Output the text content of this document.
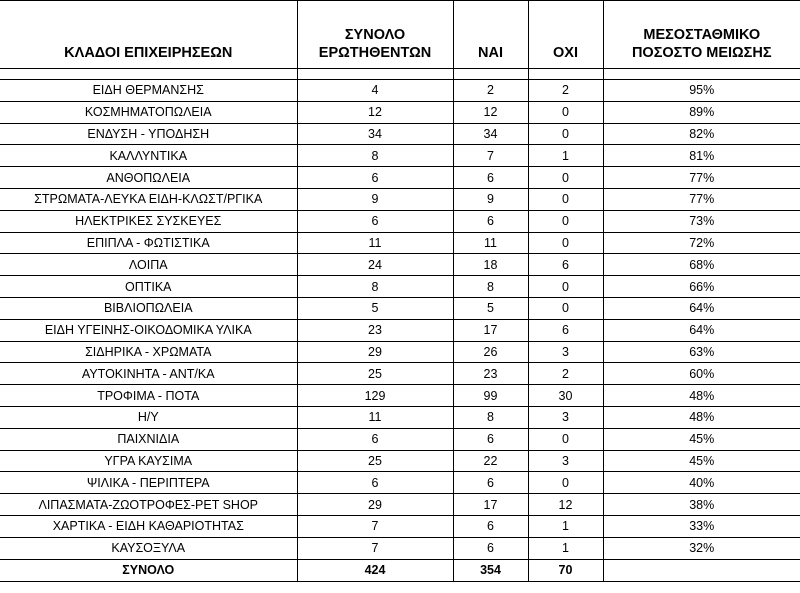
ΚΛΑΔΟΙ ΕΠΙΧΕΙΡΗΣΕΩΝ	ΣΥΝΟΛΟ
ΕΡΩΤΗΘΕΝΤΩΝ	ΝΑΙ	ΟΧΙ	ΜΕΣΟΣΤΑΘΜΙΚΟ
ΠΟΣΟΣΤΟ ΜΕΙΩΣΗΣ

ΕΙΔΗ ΘΕΡΜΑΝΣΗΣ	4	2	2	95%
ΚΟΣΜΗΜΑΤΟΠΩΛΕΙΑ	12	12	0	89%
ΕΝΔΥΣΗ - ΥΠΟΔΗΣΗ	34	34	0	82%
ΚΑΛΛΥΝΤΙΚΑ	8	7	1	81%
ΑΝΘΟΠΩΛΕΙΑ	6	6	0	77%
ΣΤΡΩΜΑΤΑ-ΛΕΥΚΑ ΕΙΔΗ-ΚΛΩΣΤ/ΡΓΙΚΑ	9	9	0	77%
ΗΛΕΚΤΡΙΚΕΣ ΣΥΣΚΕΥΕΣ	6	6	0	73%
ΕΠΙΠΛΑ - ΦΩΤΙΣΤΙΚΑ	11	11	0	72%
ΛΟΙΠΑ	24	18	6	68%
ΟΠΤΙΚΑ	8	8	0	66%
ΒΙΒΛΙΟΠΩΛΕΙΑ	5	5	0	64%
ΕΙΔΗ ΥΓΕΙΝΗΣ-ΟΙΚΟΔΟΜΙΚΑ ΥΛΙΚΑ	23	17	6	64%
ΣΙΔΗΡΙΚΑ - ΧΡΩΜΑΤΑ	29	26	3	63%
ΑΥΤΟΚΙΝΗΤΑ - ΑΝΤ/ΚΑ	25	23	2	60%
ΤΡΟΦΙΜΑ - ΠΟΤΑ	129	99	30	48%
Η/Υ	11	8	3	48%
ΠΑΙΧΝΙΔΙΑ	6	6	0	45%
ΥΓΡΑ ΚΑΥΣΙΜΑ	25	22	3	45%
ΨΙΛΙΚΑ - ΠΕΡΙΠΤΕΡΑ	6	6	0	40%
ΛΙΠΑΣΜΑΤΑ-ΖΩΟΤΡΟΦΕΣ-PET SHOP	29	17	12	38%
ΧΑΡΤΙΚΑ - ΕΙΔΗ ΚΑΘΑΡΙΟΤΗΤΑΣ	7	6	1	33%
ΚΑΥΣΟΞΥΛΑ	7	6	1	32%
ΣΥΝΟΛΟ	424	354	70	
